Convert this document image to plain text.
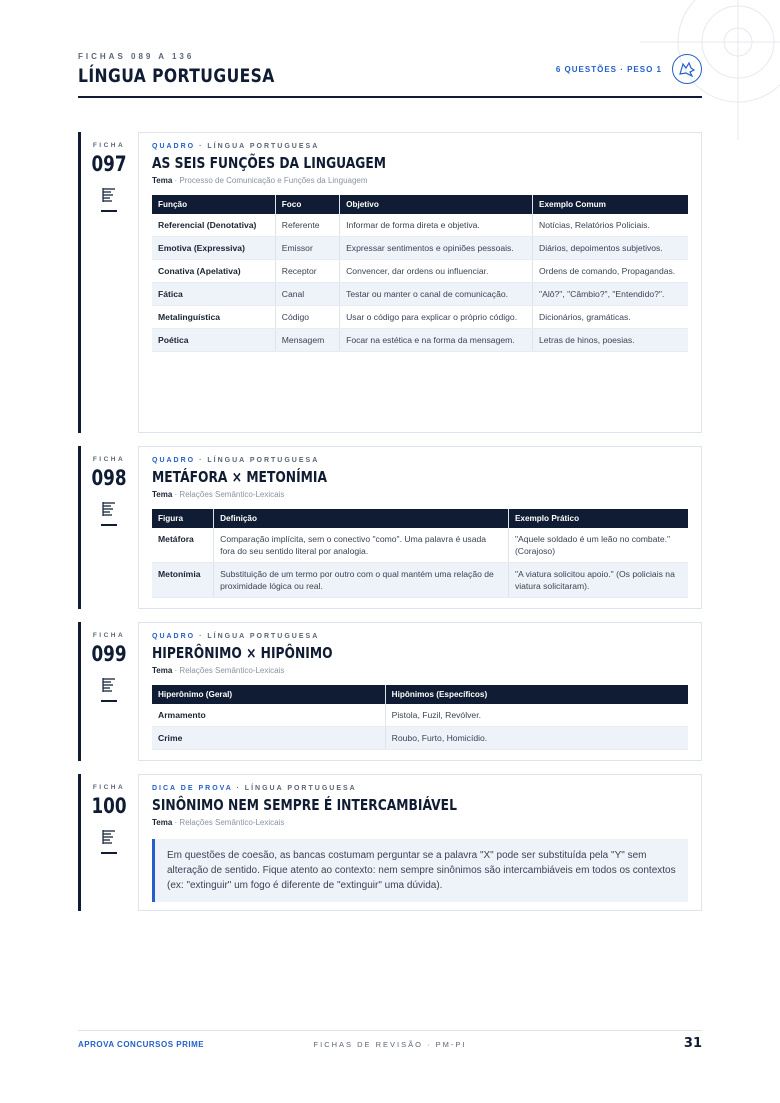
FICHAS 089 A 136
LÍNGUA PORTUGUESA	6 QUESTÕES · PESO 1
FICHA
097
QUADRO · LÍNGUA PORTUGUESA
AS SEIS FUNÇÕES DA LINGUAGEM
Tema · Processo de Comunicação e Funções da Linguagem
Função	Foco	Objetivo	Exemplo Comum
Referencial (Denotativa)	Referente	Informar de forma direta e objetiva.	Notícias, Relatórios Policiais.
Emotiva (Expressiva)	Emissor	Expressar sentimentos e opiniões pessoais.	Diários, depoimentos subjetivos.
Conativa (Apelativa)	Receptor	Convencer, dar ordens ou influenciar.	Ordens de comando, Propagandas.
Fática	Canal	Testar ou manter o canal de comunicação.	"Alô?", "Câmbio?", "Entendido?".
Metalinguística	Código	Usar o código para explicar o próprio código.	Dicionários, gramáticas.
Poética	Mensagem	Focar na estética e na forma da mensagem.	Letras de hinos, poesias.
FICHA
098
QUADRO · LÍNGUA PORTUGUESA
METÁFORA × METONÍMIA
Tema · Relações Semântico-Lexicais
Figura	Definição	Exemplo Prático
Metáfora	Comparação implícita, sem o conectivo "como". Uma palavra é usada fora do seu sentido literal por analogia.	"Aquele soldado é um leão no combate." (Corajoso)
Metonímia	Substituição de um termo por outro com o qual mantém uma relação de proximidade lógica ou real.	"A viatura solicitou apoio." (Os policiais na viatura solicitaram).
FICHA
099
QUADRO · LÍNGUA PORTUGUESA
HIPERÔNIMO × HIPÔNIMO
Tema · Relações Semântico-Lexicais
Hiperônimo (Geral)	Hipônimos (Específicos)
Armamento	Pistola, Fuzil, Revólver.
Crime	Roubo, Furto, Homicídio.
FICHA
100
DICA DE PROVA · LÍNGUA PORTUGUESA
SINÔNIMO NEM SEMPRE É INTERCAMBIÁVEL
Tema · Relações Semântico-Lexicais
Em questões de coesão, as bancas costumam perguntar se a palavra "X" pode ser substituída pela "Y" sem alteração de sentido. Fique atento ao contexto: nem sempre sinônimos são intercambiáveis em todos os contextos (ex: "extinguir" um fogo é diferente de "extinguir" uma dúvida).
APROVA CONCURSOS PRIME	FICHAS DE REVISÃO · PM-PI	31
